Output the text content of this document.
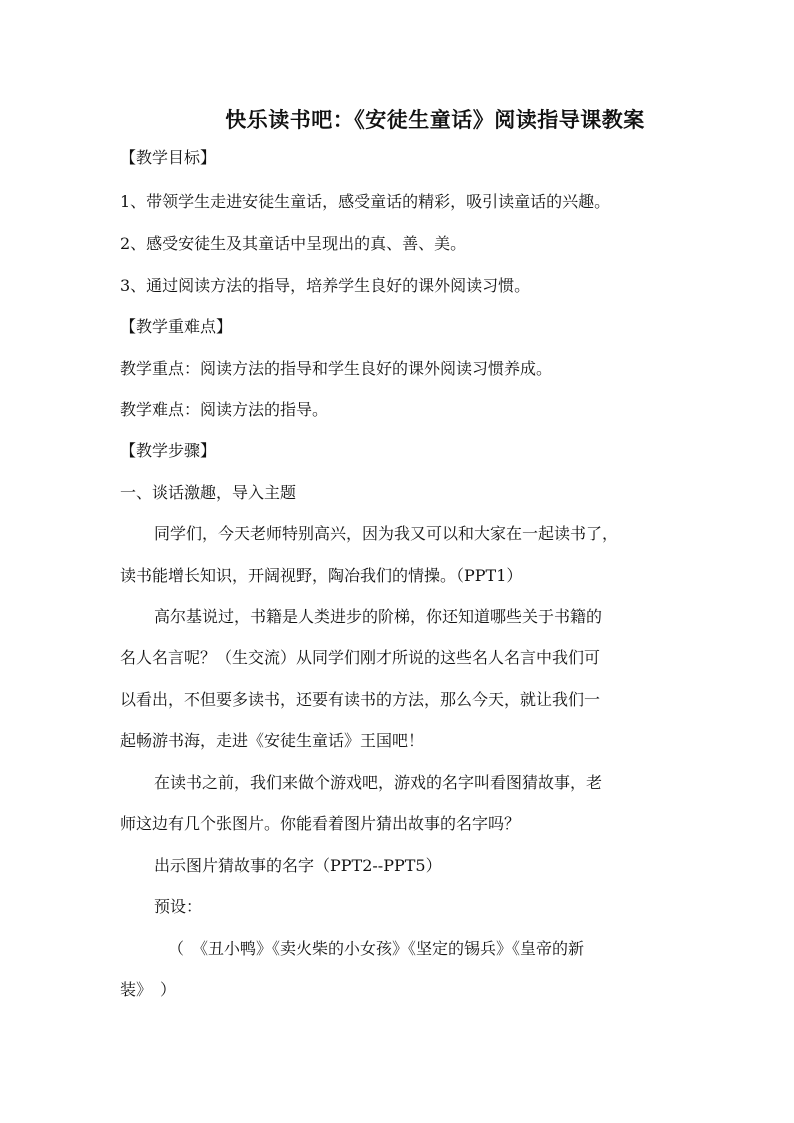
快乐读书吧：《安徒生童话》阅读指导课教案
【教学目标】
1、带领学生走进安徒生童话，感受童话的精彩，吸引读童话的兴趣。
2、感受安徒生及其童话中呈现出的真、善、美。
3、通过阅读方法的指导，培养学生良好的课外阅读习惯。
【教学重难点】
教学重点：阅读方法的指导和学生良好的课外阅读习惯养成。
教学难点：阅读方法的指导。
【教学步骤】
一、谈话激趣，导入主题
同学们，今天老师特别高兴，因为我又可以和大家在一起读书了，
读书能增长知识，开阔视野，陶冶我们的情操。（PPT1）
高尔基说过，书籍是人类进步的阶梯，你还知道哪些关于书籍的
名人名言呢？（生交流）从同学们刚才所说的这些名人名言中我们可
以看出，不但要多读书，还要有读书的方法，那么今天，就让我们一
起畅游书海，走进《安徒生童话》王国吧！
在读书之前，我们来做个游戏吧，游戏的名字叫看图猜故事，老
师这边有几个张图片。你能看着图片猜出故事的名字吗？
出示图片猜故事的名字（PPT2--PPT5）
预设：
（　《丑小鸭》《卖火柴的小女孩》《坚定的锡兵》《皇帝的新
装》　）
